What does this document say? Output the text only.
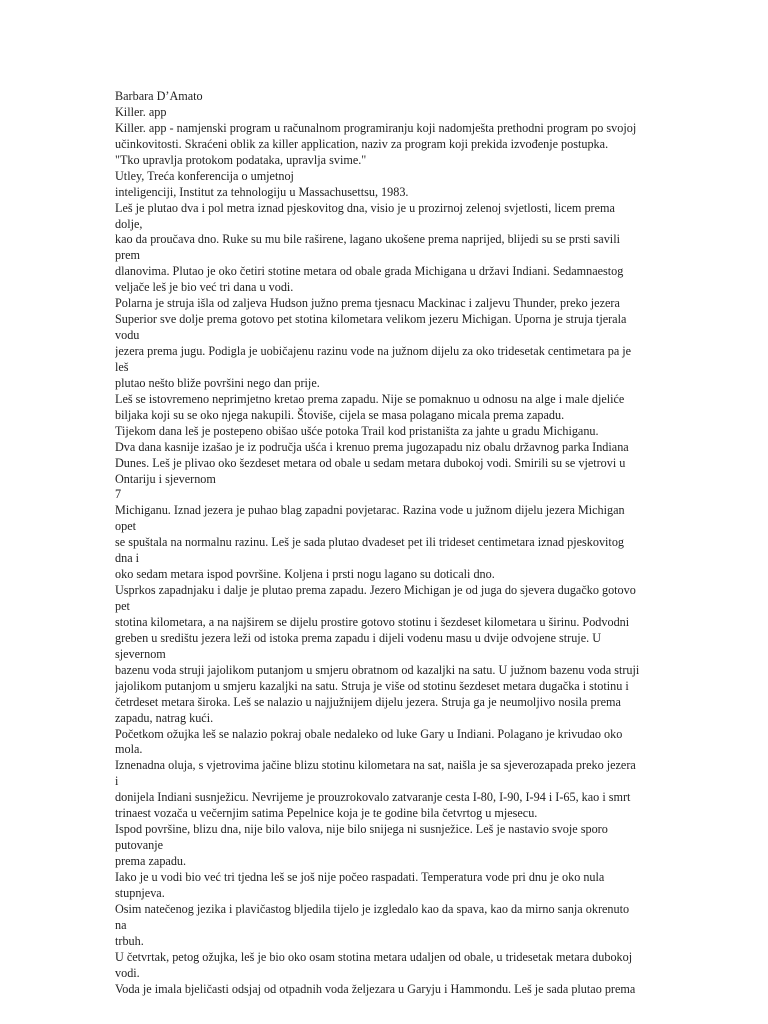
Barbara D’Amato
Killer. app
Killer. app - namjenski program u računalnom programiranju koji nadomješta prethodni program po svojoj
učinkovitosti. Skraćeni oblik za killer application, naziv za program koji prekida izvođenje postupka.
"Tko upravlja protokom podataka, upravlja svime."
Utley, Treća konferencija o umjetnoj
inteligenciji, Institut za tehnologiju u Massachusettsu, 1983.
Leš je plutao dva i pol metra iznad pjeskovitog dna, visio je u prozirnoj zelenoj svjetlosti, licem prema
dolje,
kao da proučava dno. Ruke su mu bile raširene, lagano ukošene prema naprijed, blijedi su se prsti savili
prem
dlanovima. Plutao je oko četiri stotine metara od obale grada Michigana u državi Indiani. Sedamnaestog
veljače leš je bio već tri dana u vodi.
Polarna je struja išla od zaljeva Hudson južno prema tjesnacu Mackinac i zaljevu Thunder, preko jezera
Superior sve dolje prema gotovo pet stotina kilometara velikom jezeru Michigan. Uporna je struja tjerala
vodu
jezera prema jugu. Podigla je uobičajenu razinu vode na južnom dijelu za oko tridesetak centimetara pa je
leš
plutao nešto bliže površini nego dan prije.
Leš se istovremeno neprimjetno kretao prema zapadu. Nije se pomaknuo u odnosu na alge i male djeliće
biljaka koji su se oko njega nakupili. Štoviše, cijela se masa polagano micala prema zapadu.
Tijekom dana leš je postepeno obišao ušće potoka Trail kod pristaništa za jahte u gradu Michiganu.
Dva dana kasnije izašao je iz područja ušća i krenuo prema jugozapadu niz obalu državnog parka Indiana
Dunes. Leš je plivao oko šezdeset metara od obale u sedam metara dubokoj vodi. Smirili su se vjetrovi u
Ontariju i sjevernom
7
Michiganu. Iznad jezera je puhao blag zapadni povjetarac. Razina vode u južnom dijelu jezera Michigan
opet
se spuštala na normalnu razinu. Leš je sada plutao dvadeset pet ili trideset centimetara iznad pjeskovitog
dna i
oko sedam metara ispod površine. Koljena i prsti nogu lagano su doticali dno.
Usprkos zapadnjaku i dalje je plutao prema zapadu. Jezero Michigan je od juga do sjevera dugačko gotovo
pet
stotina kilometara, a na najširem se dijelu prostire gotovo stotinu i šezdeset kilometara u širinu. Podvodni
greben u središtu jezera leži od istoka prema zapadu i dijeli vodenu masu u dvije odvojene struje. U
sjevernom
bazenu voda struji jajolikom putanjom u smjeru obratnom od kazaljki na satu. U južnom bazenu voda struji
jajolikom putanjom u smjeru kazaljki na satu. Struja je više od stotinu šezdeset metara dugačka i stotinu i
četrdeset metara široka. Leš se nalazio u najjužnijem dijelu jezera. Struja ga je neumoljivo nosila prema
zapadu, natrag kući.
Početkom ožujka leš se nalazio pokraj obale nedaleko od luke Gary u Indiani. Polagano je krivudao oko
mola.
Iznenadna oluja, s vjetrovima jačine blizu stotinu kilometara na sat, naišla je sa sjeverozapada preko jezera
i
donijela Indiani susnježicu. Nevrijeme je prouzrokovalo zatvaranje cesta I-80, I-90, I-94 i I-65, kao i smrt
trinaest vozača u večernjim satima Pepelnice koja je te godine bila četvrtog u mjesecu.
Ispod površine, blizu dna, nije bilo valova, nije bilo snijega ni susnježice. Leš je nastavio svoje sporo
putovanje
prema zapadu.
Iako je u vodi bio već tri tjedna leš se još nije počeo raspadati. Temperatura vode pri dnu je oko nula
stupnjeva.
Osim natečenog jezika i plavičastog bljedila tijelo je izgledalo kao da spava, kao da mirno sanja okrenuto
na
trbuh.
U četvrtak, petog ožujka, leš je bio oko osam stotina metara udaljen od obale, u tridesetak metara dubokoj
vodi.
Voda je imala bjeličasti odsjaj od otpadnih voda željezara u Garyju i Hammondu. Leš je sada plutao prema
